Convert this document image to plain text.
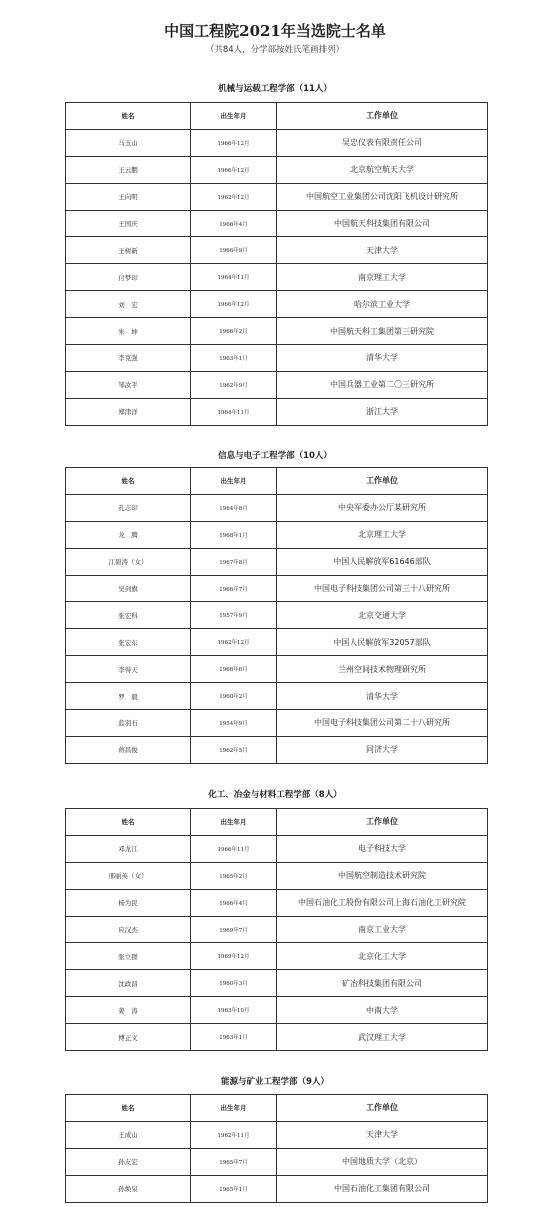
中国工程院2021年当选院士名单
（共84人，分学部按姓氏笔画排列）
机械与运载工程学部（11人）
姓名	出生年月	工作单位
马玉山	1966年12月	吴忠仪表有限责任公司
王云鹏	1966年12月	北京航空航天大学
王向明	1962年12月	中国航空工业集团公司沈阳飞机设计研究所
王国庆	1966年4月	中国航天科技集团有限公司
王树新	1966年9月	天津大学
付梦印	1964年11月	南京理工大学
刘　宏	1966年12月	哈尔滨工业大学
朱　坤	1966年2月	中国航天科工集团第三研究院
李克强	1963年1月	清华大学
邹汝平	1962年9月	中国兵器工业第二〇三研究所
郑津洋	1964年11月	浙江大学
信息与电子工程学部（10人）
姓名	出生年月	工作单位
孔志印	1964年8月	中央军委办公厅某研究所
龙　腾	1968年1月	北京理工大学
江碧涛（女）	1967年8月	中国人民解放军61646部队
吴剑旗	1966年7月	中国电子科技集团公司第三十八研究所
张宏科	1957年9月	北京交通大学
张宏东	1962年12月	中国人民解放军32057部队
李得天	1966年6月	兰州空间技术物理研究所
罗　毅	1960年2月	清华大学
蓝羽石	1954年9月	中国电子科技集团公司第二十八研究所
蒋昌俊	1962年5月	同济大学
化工、冶金与材料工程学部（8人）
姓名	出生年月	工作单位
邓龙江	1966年11月	电子科技大学
邢丽英（女）	1965年2月	中国航空制造技术研究院
杨为民	1966年4月	中国石油化工股份有限公司上海石油化工研究院
应汉杰	1969年7月	南京工业大学
张立群	1969年12月	北京化工大学
沈政昌	1960年3月	矿冶科技集团有限公司
姜　涛	1963年10月	中南大学
傅正义	1963年1月	武汉理工大学
能源与矿业工程学部（9人）
姓名	出生年月	工作单位
王成山	1962年11月	天津大学
孙友宏	1965年7月	中国地质大学（北京）
孙焕泉	1965年1月	中国石油化工集团有限公司
